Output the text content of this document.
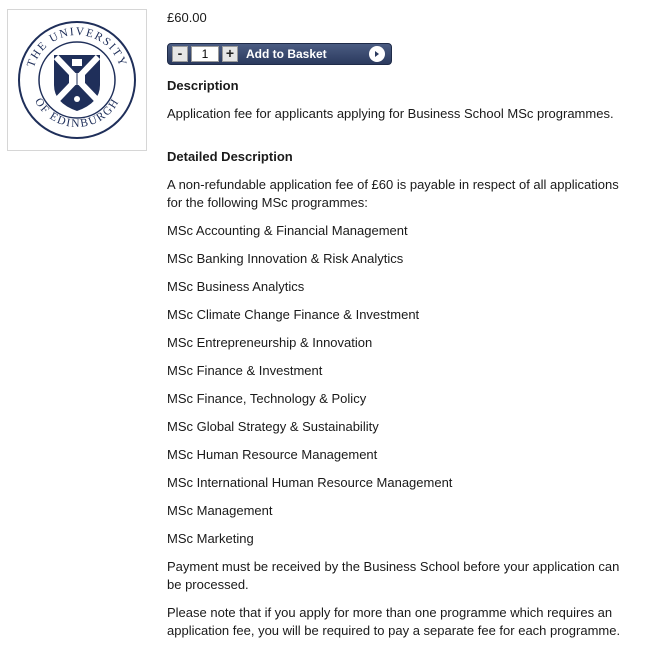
THE UNIVERSITY
OF EDINBURGH
£60.00
-
1	+ Add to Basket
Description

Application fee for applicants applying for Business School MSc programmes.

Detailed Description

A non-refundable application fee of £60 is payable in respect of all applications for the following MSc programmes:

MSc Accounting & Financial Management

MSc Banking Innovation & Risk Analytics

MSc Business Analytics

MSc Climate Change Finance & Investment

MSc Entrepreneurship & Innovation

MSc Finance & Investment

MSc Finance, Technology & Policy

MSc Global Strategy & Sustainability

MSc Human Resource Management

MSc International Human Resource Management

MSc Management

MSc Marketing

Payment must be received by the Business School before your application can be processed.

Please note that if you apply for more than one programme which requires an application fee, you will be required to pay a separate fee for each programme.
